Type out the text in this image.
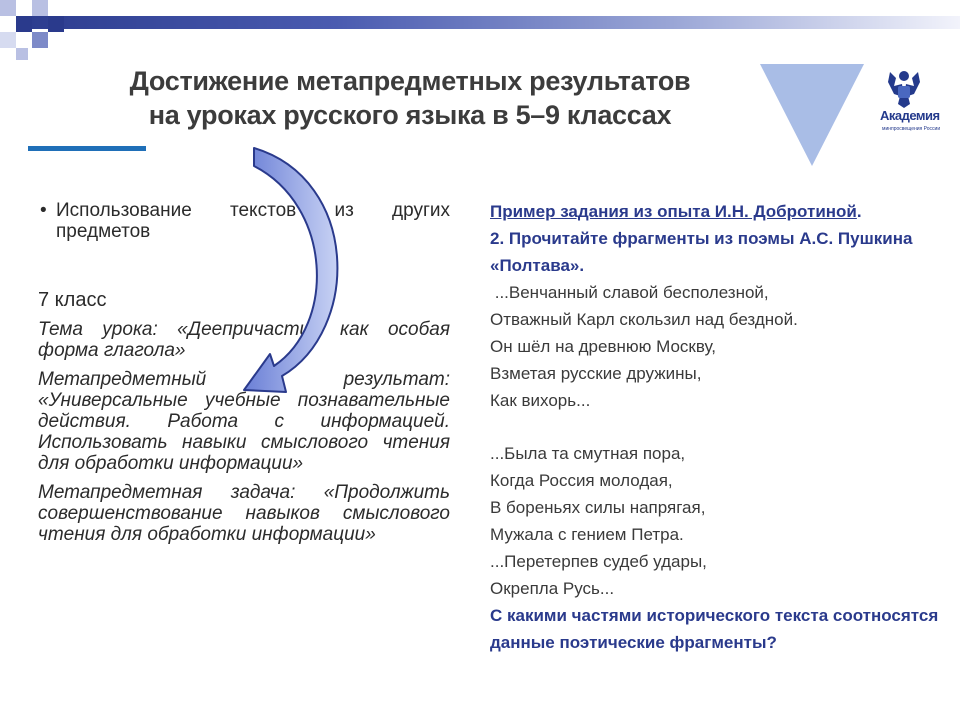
Достижение метапредметных результатов
на уроках русского языка в 5–9 классах	Академия
минпросвещения России
• Использование текстов из других предметов
7 класс
Тема урока: «Деепричастие как особая форма глагола»
Метапредметный результат: «Универсальные учебные познавательные действия. Работа с информацией. Использовать навыки смыслового чтения для обработки информации»
Метапредметная задача: «Продолжить совершенствование навыков смыслового чтения для обработки информации»
Пример задания из опыта И.Н. Добротиной.
2. Прочитайте фрагменты из поэмы А.С. Пушкина «Полтава».
...Венчанный славой бесполезной,
Отважный Карл скользил над бездной.
Он шёл на древнюю Москву,
Взметая русские дружины,
Как вихорь...
...Была та смутная пора,
Когда Россия молодая,
В бореньях силы напрягая,
Мужала с гением Петра.
...Перетерпев судеб удары,
Окрепла Русь...
С какими частями исторического текста соотносятся данные поэтические фрагменты?
